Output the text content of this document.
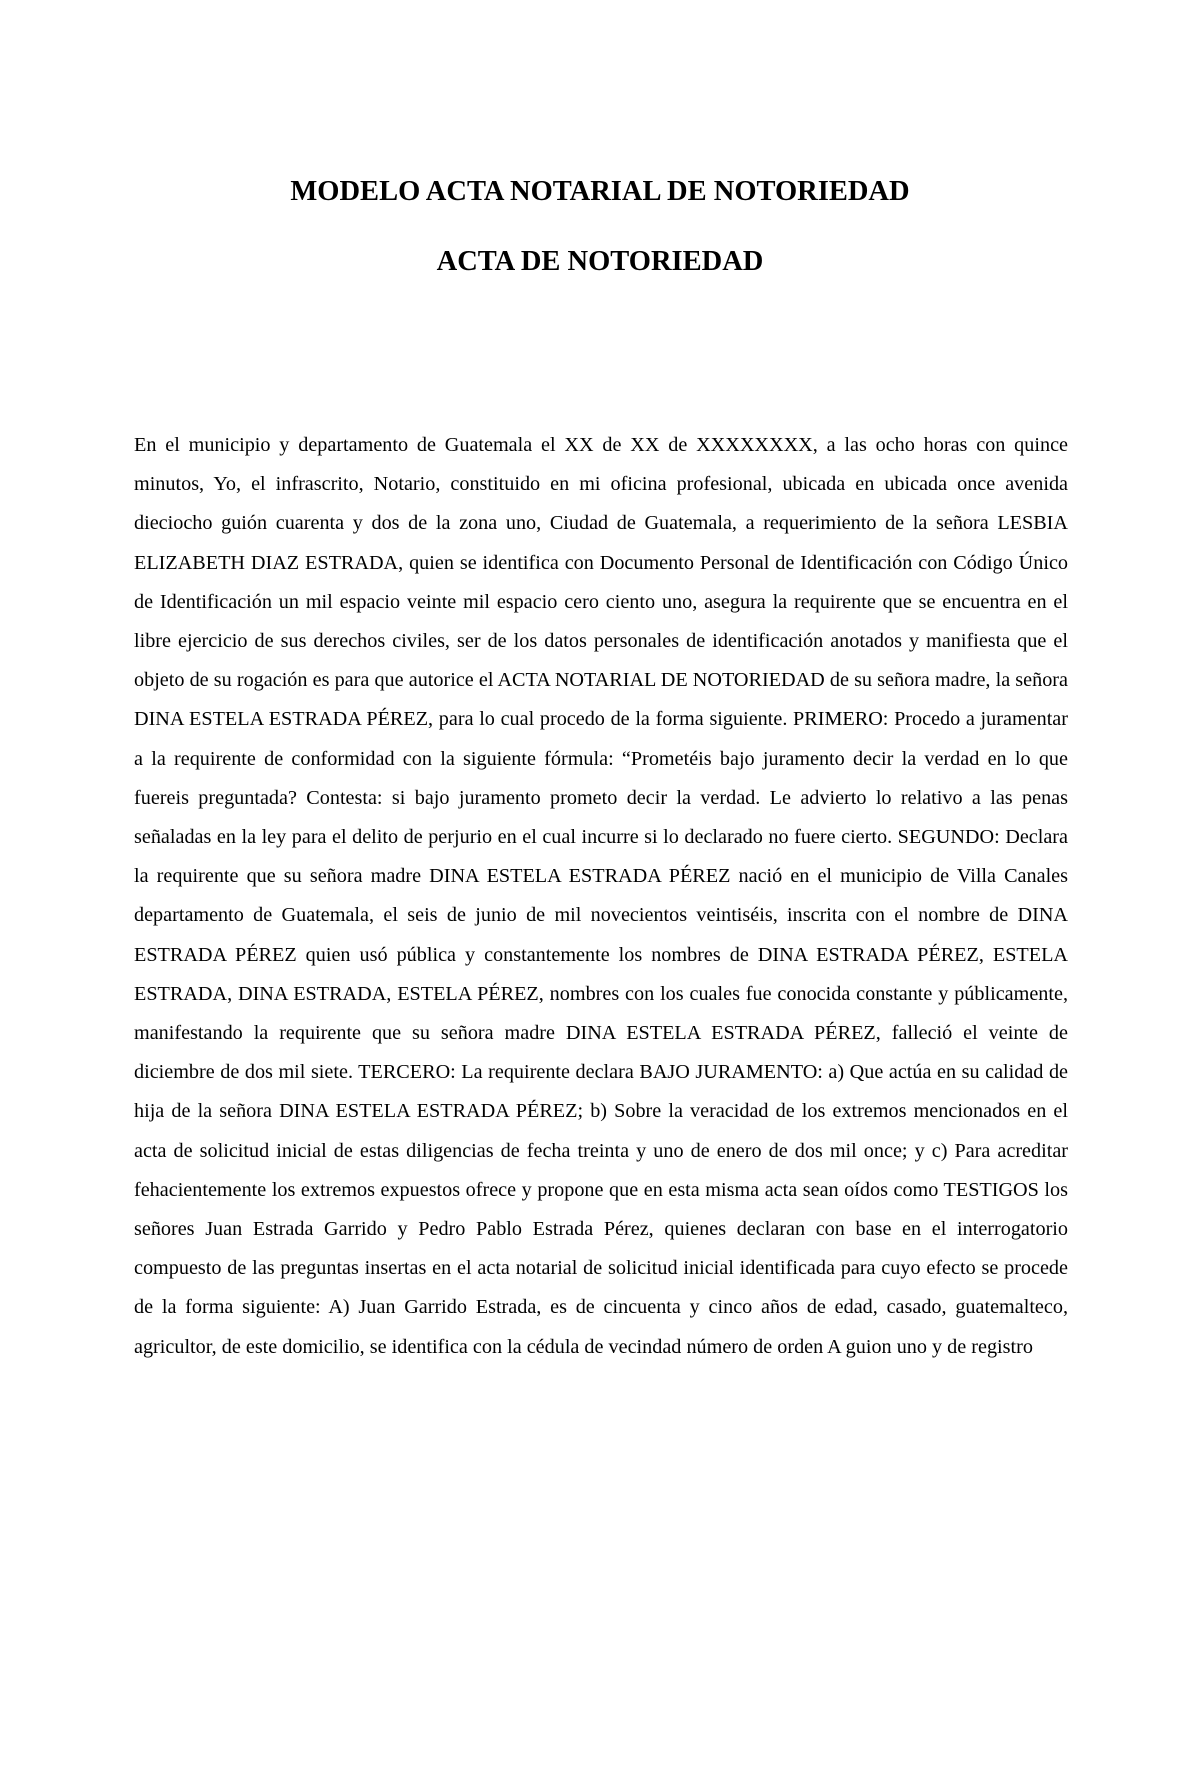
MODELO ACTA NOTARIAL DE NOTORIEDAD
ACTA DE NOTORIEDAD

En el municipio y departamento de Guatemala el XX de XX de XXXXXXXX, a las ocho horas con quince minutos, Yo, el infrascrito, Notario, constituido en mi oficina profesional, ubicada en ubicada once avenida dieciocho guión cuarenta y dos de la zona uno, Ciudad de Guatemala, a requerimiento de la señora LESBIA ELIZABETH DIAZ ESTRADA, quien se identifica con Documento Personal de Identificación con Código Único de Identificación un mil espacio veinte mil espacio cero ciento uno, asegura la requirente que se encuentra en el libre ejercicio de sus derechos civiles, ser de los datos personales de identificación anotados y manifiesta que el objeto de su rogación es para que autorice el ACTA NOTARIAL DE NOTORIEDAD de su señora madre, la señora DINA ESTELA ESTRADA PÉREZ, para lo cual procedo de la forma siguiente. PRIMERO: Procedo a juramentar a la requirente de conformidad con la siguiente fórmula: “Prometéis bajo juramento decir la verdad en lo que fuereis preguntada? Contesta: si bajo juramento prometo decir la verdad. Le advierto lo relativo a las penas señaladas en la ley para el delito de perjurio en el cual incurre si lo declarado no fuere cierto. SEGUNDO: Declara la requirente que su señora madre DINA ESTELA ESTRADA PÉREZ nació en el municipio de Villa Canales departamento de Guatemala, el seis de junio de mil novecientos veintiséis, inscrita con el nombre de DINA ESTRADA PÉREZ quien usó pública y constantemente los nombres de DINA ESTRADA PÉREZ, ESTELA ESTRADA, DINA ESTRADA, ESTELA PÉREZ, nombres con los cuales fue conocida constante y públicamente, manifestando la requirente que su señora madre DINA ESTELA ESTRADA PÉREZ, falleció el veinte de diciembre de dos mil siete. TERCERO: La requirente declara BAJO JURAMENTO: a) Que actúa en su calidad de hija de la señora DINA ESTELA ESTRADA PÉREZ; b) Sobre la veracidad de los extremos mencionados en el acta de solicitud inicial de estas diligencias de fecha treinta y uno de enero de dos mil once; y c) Para acreditar fehacientemente los extremos expuestos ofrece y propone que en esta misma acta sean oídos como TESTIGOS los señores Juan Estrada Garrido y Pedro Pablo Estrada Pérez, quienes declaran con base en el interrogatorio compuesto de las preguntas insertas en el acta notarial de solicitud inicial identificada para cuyo efecto se procede de la forma siguiente: A) Juan Garrido Estrada, es de cincuenta y cinco años de edad, casado, guatemalteco, agricultor, de este domicilio, se identifica con la cédula de vecindad número de orden A guion uno y de registro
